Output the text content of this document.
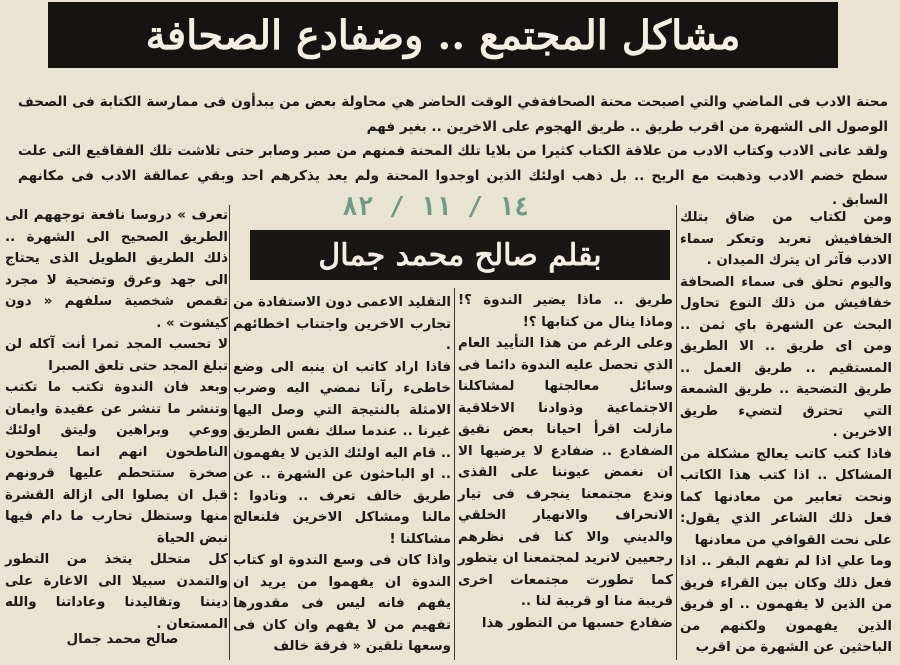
مشاكل المجتمع .. وضفادع الصحافة

محنة الادب فى الماضي والتي اصبحت محنة الصحافةفي الوقت الحاضر هي محاولة بعض من يبدأون فى ممارسة الكتابة فى الصحف الوصول الى الشهرة من اقرب طريق .. طريق الهجوم على الاخرين .. بغير فهم

ولقد عانى الادب وكتاب الادب من علاقة الكتاب كثيرا من بلايا تلك المحنة فمنهم من صبر وصابر حتى تلاشت تلك الفقاقيع التى علت سطح خضم الادب وذهبت مع الريح .. بل ذهب اولئك الذين اوجدوا المحنة ولم يعد يذكرهم احد وبقي عمالقة الادب فى مكانهم السابق .

١٤ / ١١ / ٨٢
بقلم صالح محمد جمال

ومن لكتاب من ضاق بتلك الخفافيش تعربد وتعكر سماء الادب فآثر ان يترك الميدان .

واليوم تحلق فى سماء الصحافة خفافيش من ذلك النوع تحاول البحث عن الشهرة باي ثمن .. ومن اى طريق .. الا الطريق المستقيم .. طريق العمل .. طريق التضحية .. طريق الشمعة التي تحترق لتضيء طريق الاخرين .

فاذا كتب كاتب يعالج مشكلة من المشاكل .. اذا كتب هذا الكاتب ونحت تعابير من معادنها كما فعل ذلك الشاعر الذي يقول: على نحت القوافي من معادنها

وما علي اذا لم تفهم البقر .. اذا فعل ذلك وكان بين القراء فريق من الذين لا يفهمون .. او فريق الذين يفهمون ولكنهم من الباحثين عن الشهرة من اقرب

طريق .. ماذا يضير الندوة ؟! وماذا ينال من كتابها ؟!

وعلى الرغم من هذا التأييد العام الذي تحصل عليه الندوة دائما فى وسائل معالجتها لمشاكلنا الاجتماعية وذوادنا الاخلاقية مازلت اقرأ احيانا بعض نقيق الضفادع .. ضفادع لا يرضيها الا ان نغمض عيوننا على القذى وندع مجتمعنا ينجرف فى تيار الانحراف والانهيار الخلقي والديني والا كنا فى نظرهم رجعيين لانريد لمجتمعنا ان يتطور كما تطورت مجتمعات اخرى قريبة منا او قريبة لنا ..

ضفادع حسبها من التطور هذا

التقليد الاعمى دون الاستفادة من تجارب الاخرين واجتناب اخطائهم .

فاذا اراد كاتب ان ينبه الى وضع خاطىء رآنا نمضي اليه وضرب الامثلة بالنتيجة التي وصل اليها غيرنا .. عندما سلك نفس الطريق .. قام اليه اولئك الذين لا يفهمون .. او الباحثون عن الشهرة .. عن طريق خالف تعرف .. ونادوا : مالنا ومشاكل الاخرين فلنعالج مشاكلنا !

واذا كان فى وسع الندوة او كتاب الندوة ان يفهموا من يريد ان يفهم فانه ليس فى مقدورها تفهيم من لا يفهم وان كان فى وسعها تلقين « فرقة خالف

تعرف » دروسا نافعة توجههم الى الطريق الصحيح الى الشهرة .. ذلك الطريق الطويل الذى يحتاج الى جهد وعرق وتضحية لا مجرد تقمص شخصية سلفهم « دون كيشوت » .

لا تحسب المجد تمرا أنت آكله لن تبلغ المجد حتى تلعق الصبرا

وبعد فان الندوة تكتب ما تكتب وتنشر ما تنشر عن عقيدة وايمان ووعي وبراهين وليتق اولئك الناطحون انهم انما ينطحون صخرة ستتحطم عليها قرونهم قبل ان يصلوا الى ازالة القشرة منها وستظل تحارب ما دام فيها نبض الحياة

كل متحلل يتخذ من التطور والتمدن سبيلا الى الاغارة على ديننا وتقاليدنا وعاداتنا والله المستعان .

صالح محمد جمال
